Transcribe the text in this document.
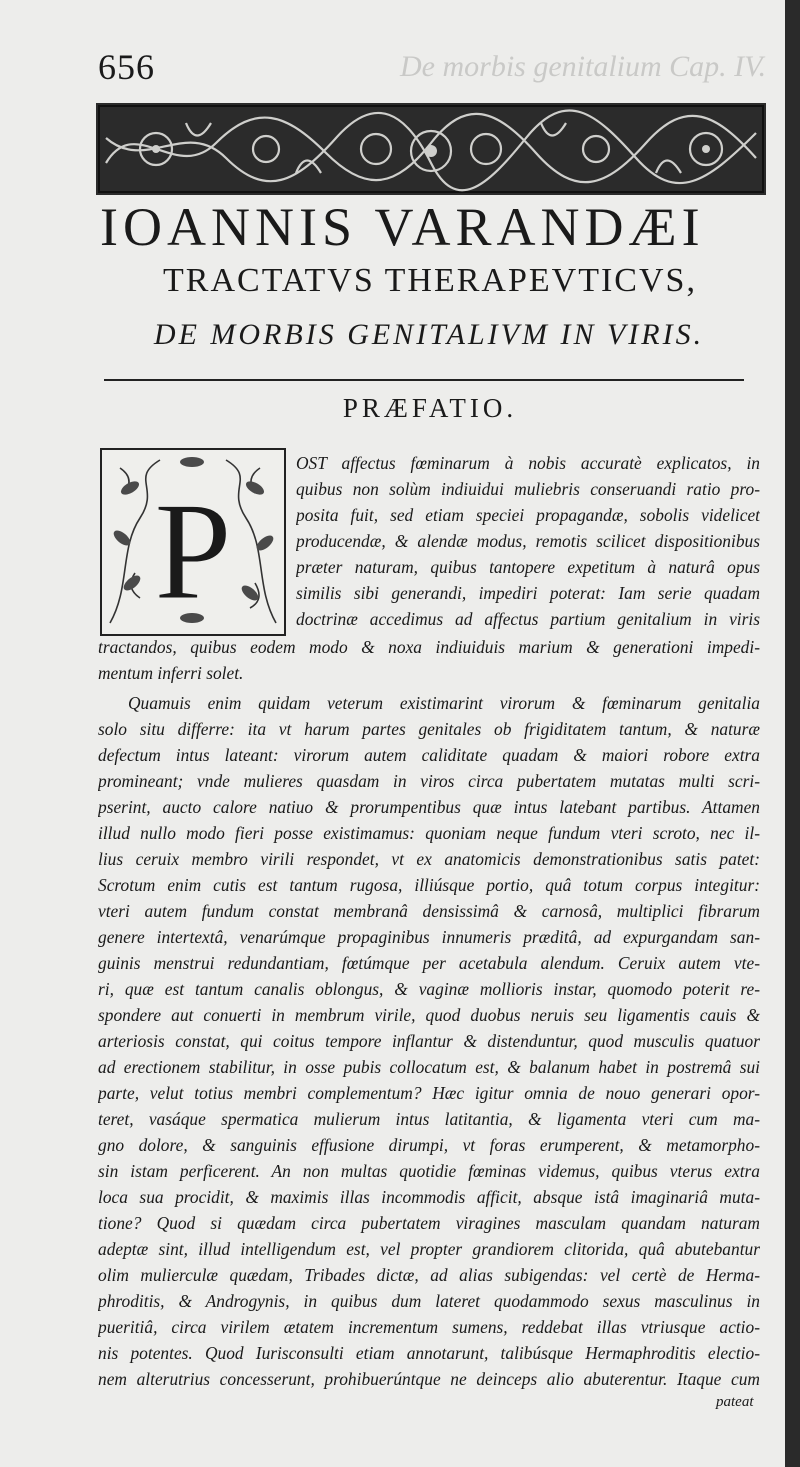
De morbis genitalium Cap. IV.
656
IOANNIS VARANDÆI
TRACTATVS THERAPEVTICVS,
DE MORBIS GENITALIVM IN VIRIS.
PRÆFATIO.
P
OST affectus fœminarum à nobis accuratè explicatos, in
quibus non solùm indiuidui muliebris conseruandi ratio pro-
posita fuit, sed etiam speciei propagandæ, sobolis videlicet
producendæ, & alendæ modus, remotis scilicet dispositionibus
præter naturam, quibus tantopere expetitum à naturâ opus
similis sibi generandi, impediri poterat: Iam serie quadam
doctrinæ accedimus ad affectus partium genitalium in viris
tractandos, quibus eodem modo & noxa indiuiduis marium & generationi impedi-
mentum inferri solet.
Quamuis enim quidam veterum existimarint virorum & fœminarum genitalia
solo situ differre: ita vt harum partes genitales ob frigiditatem tantum, & naturæ
defectum intus lateant: virorum autem caliditate quadam & maiori robore extra
promineant; vnde mulieres quasdam in viros circa pubertatem mutatas multi scri-
pserint, aucto calore natiuo & prorumpentibus quæ intus latebant partibus. Attamen
illud nullo modo fieri posse existimamus: quoniam neque fundum vteri scroto, nec il-
lius ceruix membro virili respondet, vt ex anatomicis demonstrationibus satis patet:
Scrotum enim cutis est tantum rugosa, illiúsque portio, quâ totum corpus integitur:
vteri autem fundum constat membranâ densissimâ & carnosâ, multiplici fibrarum
genere intertextâ, venarúmque propaginibus innumeris præditâ, ad expurgandam san-
guinis menstrui redundantiam, fœtúmque per acetabula alendum. Ceruix autem vte-
ri, quæ est tantum canalis oblongus, & vaginæ mollioris instar, quomodo poterit re-
spondere aut conuerti in membrum virile, quod duobus neruis seu ligamentis cauis &
arteriosis constat, qui coitus tempore inflantur & distenduntur, quod musculis quatuor
ad erectionem stabilitur, in osse pubis collocatum est, & balanum habet in postremâ sui
parte, velut totius membri complementum? Hæc igitur omnia de nouo generari opor-
teret, vasáque spermatica mulierum intus latitantia, & ligamenta vteri cum ma-
gno dolore, & sanguinis effusione dirumpi, vt foras erumperent, & metamorpho-
sin istam perficerent. An non multas quotidie fœminas videmus, quibus vterus extra
loca sua procidit, & maximis illas incommodis afficit, absque istâ imaginariâ muta-
tione? Quod si quædam circa pubertatem viragines masculam quandam naturam
adeptæ sint, illud intelligendum est, vel propter grandiorem clitorida, quâ abutebantur
olim mulierculæ quædam, Tribades dictæ, ad alias subigendas: vel certè de Herma-
phroditis, & Androgynis, in quibus dum lateret quodammodo sexus masculinus in
pueritiâ, circa virilem ætatem incrementum sumens, reddebat illas vtriusque actio-
nis potentes. Quod Iurisconsulti etiam annotarunt, talibúsque Hermaphroditis electio-
nem alterutrius concesserunt, prohibuerúntque ne deinceps alio abuterentur. Itaque cum
pateat
